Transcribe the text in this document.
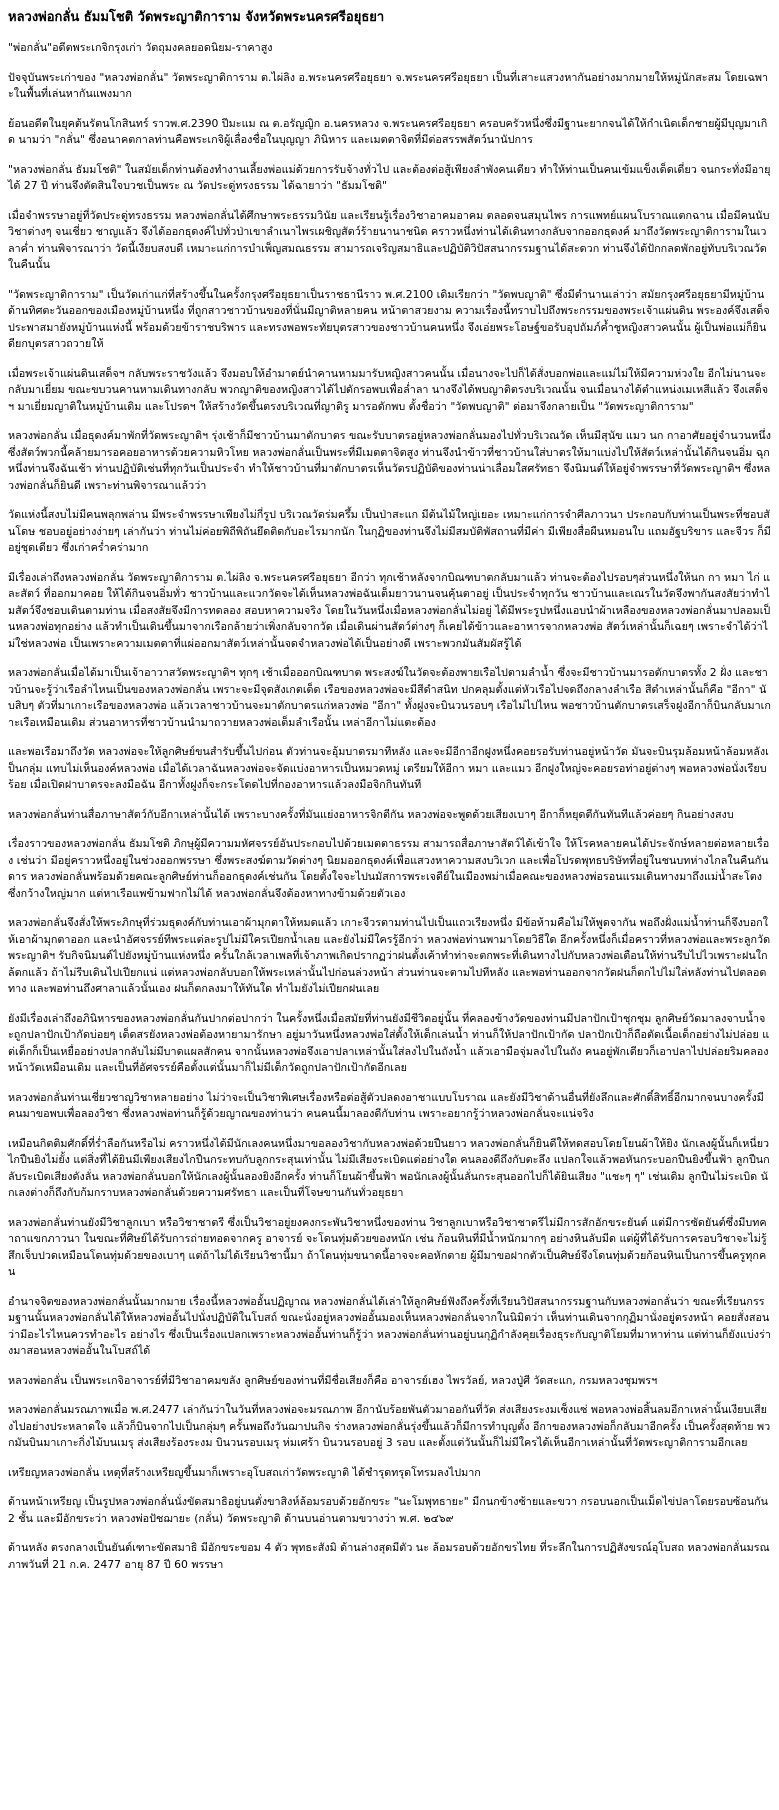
หลวงพ่อกลั่น ธัมมโชติ วัดพระญาติการาม จังหวัดพระนครศรีอยุธยา

"พ่อกลั่น"อดีตพระเกจิกรุงเก่า วัตถุมงคลยอดนิยม-ราคาสูง

ปัจจุบันพระเก่าของ "หลวงพ่อกลั่น" วัดพระญาติการาม ต.ไผ่ลิง อ.พระนครศรีอยุธยา จ.พระนครศรีอยุธยา เป็นที่เสาะแสวงหากันอย่างมากมายให้หมู่นักสะสม โดยเฉพาะในพื้นที่เล่นหากันแพงมาก

ย้อนอดีตในยุคต้นรัตนโกสินทร์ ราวพ.ศ.2390 ปีมะแม ณ ต.อรัญญิก อ.นครหลวง จ.พระนครศรีอยุธยา ครอบครัวหนึ่งซึ่งมีฐานะยากจนได้ให้กำเนิดเด็กชายผู้มีบุญมาเกิด นามว่า "กลั่น" ซึ่งอนาคตกาลท่านคือพระเกจิผู้เลื่องชื่อในบุญญา ภินิหาร และเมตตาจิตที่มีต่อสรรพสัตว์นานัปการ

"หลวงพ่อกลั่น ธัมมโชติ" ในสมัยเด็กท่านต้องทำงานเลี้ยงพ่อแม่ด้วยการรับจ้างทั่วไป และต้องต่อสู้เพียงลำพังคนเดียว ทำให้ท่านเป็นคนเข้มแข็งเด็ดเดี่ยว จนกระทั่งมีอายุได้ 27 ปี ท่านจึงตัดสินใจบวชเป็นพระ ณ วัดประดู่ทรงธรรม ได้ฉายาว่า "ธัมมโชติ"

เมื่อจำพรรษาอยู่ที่วัดประดู่ทรงธรรม หลวงพ่อกลั่นได้ศึกษาพระธรรมวินัย และเรียนรู้เรื่องวิชาอาคมอาคม ตลอดจนสมุนไพร การแพทย์แผนโบราณแตกฉาน เมื่อมีคนนับวิชาต่างๆ จนเชี่ยว ชาญแล้ว จึงได้ออกธุดงค์ไปทั่วป่าเขาลำเนาไพรเผชิญสัตว์ร้ายนานาชนิด คราวหนึ่งท่านได้เดินทางกลับจากออกธุดงค์ มาถึงวัดพระญาติการามในเวลาค่ำ ท่านพิจารณาว่า วัดนี้เงียบสงบดี เหมาะแก่การบำเพ็ญสมณธรรม สามารถเจริญสมาธิและปฏิบัติวิปัสสนากรรมฐานได้สะดวก ท่านจึงได้ปักกลดพักอยู่ทับบริเวณวัดในคืนนั้น

"วัดพระญาติการาม" เป็นวัดเก่าแก่ที่สร้างขึ้นในครั้งกรุงศรีอยุธยาเป็นราชธานีราว พ.ศ.2100 เดิมเรียกว่า "วัดพบญาติ" ซึ่งมีตำนานเล่าว่า สมัยกรุงศรีอยุธยามีหมู่บ้านด้านทิศตะวันออกของเมืองหมู่บ้านหนึ่ง ที่ถูกสาวชาวบ้านของที่นั่นมีญาติหลายคน หน้าตาสวยงาม ความเรื่องนี้ทราบไปถึงพระกรรมของพระเจ้าแผ่นดิน พระองค์จึงเสด็จประพาสมายังหมู่บ้านแห่งนี้ พร้อมด้วยข้าราชบริพาร และทรงพอพระทัยบุตรสาวของชาวบ้านคนหนึ่ง จึงเอ่ยพระโอษฐ์ขอรับอุปถัมภ์ค้ำชูหญิงสาวคนนั้น ผู้เป็นพ่อแม่ก็ยินดียกบุตรสาวถวายให้

เมื่อพระเจ้าแผ่นดินเสด็จฯ กลับพระราชวังแล้ว จึงมอบให้อำมาตย์นำคานหามมารับหญิงสาวคนนั้น เมื่อนางจะไปก็ได้สั่งบอกพ่อและแม่ไม่ให้มีความห่วงใย อีกไม่นานจะกลับมาเยี่ยม ขณะขบวนคานหามเดินทางกลับ พวกญาติของหญิงสาวได้ไปดักรอพบเพื่อล่ำลา นางจึงได้พบญาติตรงบริเวณนั้น จนเมื่อนางได้ตำแหน่งเมเหสีแล้ว จึงเสด็จฯ มาเยี่ยมญาติในหมู่บ้านเดิม และโปรดฯ ให้สร้างวัดขึ้นตรงบริเวณที่ญาติรู มารอดักพบ ตั้งชื่อว่า "วัดพบญาติ" ต่อมาจึงกลายเป็น "วัดพระญาติการาม"

หลวงพ่อกลั่น เมื่อธุดงค์มาพักที่วัดพระญาติฯ รุ่งเช้าก็มีชาวบ้านมาตักบาตร ขณะรับบาตรอยู่หลวงพ่อกลั่นมองไปทั่วบริเวณวัด เห็นมีสุนัข แมว นก กาอาศัยอยู่จำนวนหนึ่ง ซึ่งสัตว์พวกนี้คล้ายมารอคอยอาหารด้วยความหิวโหย หลวงพ่อกลั่นเป็นพระที่มีเมตตาจิตสูง ท่านจึงนำข้าวที่ชาวบ้านใส่บาตรให้มาแบ่งไปให้สัตว์เหล่านั้นได้กินจนอิ่ม ฉุกหนึ่งท่านจึงฉันเช้า ท่านปฏิบัติเช่นที่ทุกวันเป็นประจำ ทำให้ชาวบ้านที่มาตักบาตรเห็นวัตรปฏิบัติของท่านน่าเลื่อมใสศรัทธา จึงนิมนต์ให้อยู่จำพรรษาที่วัดพระญาติฯ ซึ่งหลวงพ่อกลั่นก็ยินดี เพราะท่านพิจารณาแล้วว่า

วัดแห่งนี้สงบไม่มีคนพลุกพล่าน มีพระจำพรรษาเพียงไม่กี่รูป บริเวณวัดร่มครึ้ม เป็นป่าสะแก มีต้นไม้ใหญ่เยอะ เหมาะแก่การจำศีลภาวนา ประกอบกับท่านเป็นพระที่ชอบสันโดษ ชอบอยู่อย่างง่ายๆ เล่ากันว่า ท่านไม่ค่อยพิถีพิถันยึดติดกับอะไรมากนัก ในกุฏิของท่านจึงไม่มีสมบัติพัสถานที่มีค่า มีเพียงสื่อผืนหมอนใบ แถมอัฐบริขาร และจีวร ก็มีอยู่ชุดเดียว ซึ่งเก่าคร่ำคร่ามาก

มีเรื่องเล่าถึงหลวงพ่อกลั่น วัดพระญาติการาม ต.ไผ่ลิง จ.พระนครศรีอยุธยา อีกว่า ทุกเช้าหลังจากบิณฑบาตกลับมาแล้ว ท่านจะต้องไปรอบๆส่วนหนึ่งให้นก กา หมา ไก่ และสัตว์ ที่ออกมาคอย ให้ได้กินจนอิ่มทั่ว ชาวบ้านและแวกวัดจะได้เห็นหลวงพ่อฉันเต็มยาวนานจนคุ้นตาอยู่ เป็นประจำทุกวัน ชาวบ้านและเณรในวัดจึงพากันสงสัยว่าทำไมสัตว์จึงชอบเดินตามท่าน เมื่อสงสัยจึงมีการทดลอง สอบหาความจริง โดยในวันหนึ่งเมื่อหลวงพ่อกลั่นไม่อยู่ ได้มีพระรูปหนึ่งแอบนำผ้าเหลืองของหลวงพ่อกลั่นมาปลอมเป็นหลวงพ่อทุกอย่าง แล้วทำเป็นเดินขึ้นมาจากเรือกล้ายว่าเพิ่งกลับจากวัด เมื่อเดินผ่านสัตว์ต่างๆ ก็เคยได้ข้าวและอาหารจากหลวงพ่อ สัตว์เหล่านั้นก็เฉยๆ เพราะจำได้ว่าไม่ใช่หลวงพ่อ เป็นเพราะความเมตตาที่แผ่ออกมาสัตว์เหล่านั้นจดจำหลวงพ่อได้เป็นอย่างดี เพราะพวกมันสัมผัสรู้ได้

หลวงพ่อกลั่นเมื่อได้มาเป็นเจ้าอาวาสวัดพระญาติฯ ทุกๆ เช้าเมื่อออกบิณฑบาต พระสงฆ์ในวัดจะต้องพายเรือไปตามลำน้ำ ซึ่งจะมีชาวบ้านมารอตักบาตรทั้ง 2 ฝั่ง และชาวบ้านจะรู้ว่าเรือลำไหนเป็นของหลวงพ่อกลั่น เพราะจะมีจุดสังเกตเด็ด เรือของหลวงพ่อจะมีสีดำสนิท ปกคลุมตั้งแต่หัวเรือไปจดถึงกลางลำเรือ สีดำเหล่านั้นก็คือ "อีกา" นับสิบๆ ตัวที่มาเกาะเรือของหลวงพ่อ แล้วเวลาชาวบ้านจะมาตักบาตรแก่หลวงพ่อ "อีกา" ทั้งฝูงจะบินวนรอบๆ เรือไม่ไปไหน พอชาวบ้านตักบาตรเสร็จฝูงอีกาก็บินกลับมาเกาะเรือเหมือนเดิม ส่วนอาหารที่ชาวบ้านนำมาถวายหลวงพ่อเต็มลำเรือนั้น เหล่าอีกาไม่แตะต้อง

และพอเรือมาถึงวัด หลวงพ่อจะให้ลูกศิษย์ขนสำรับขึ้นไปก่อน ตัวท่านจะอุ้มบาตรมาทีหลัง และจะมีอีกาอีกฝูงหนึ่งคอยรอรับท่านอยู่หน้าวัด มันจะบินรุมล้อมหน้าล้อมหลังเป็นกลุ่ม แทบไม่เห็นองค์หลวงพ่อ เมื่อได้เวลาฉันหลวงพ่อจะจัดแบ่งอาหารเป็นหมวดหมู่ เตรียมให้อีกา หมา และแมว อีกฝูงใหญ่จะคอยรอท่าอยู่ต่างๆ พอหลวงพ่อนั่งเรียบร้อย เมื่อเปิดฝาบาตรจะลงมือฉัน อีกาทั้งฝูงก็จะกระโดดไปที่กองอาหารแล้วลงมือจิกกินทันที

หลวงพ่อกลั่นท่านสื่อภาษาสัตว์กับอีกาเหล่านั้นได้ เพราะบางครั้งที่มันแย่งอาหารจิกตีกัน หลวงพ่อจะพูดด้วยเสียงเบาๆ อีกาก็หยุดตีกันทันทีแล้วค่อยๆ กินอย่างสงบ

เรื่องราวของหลวงพ่อกลั่น ธัมมโชติ ภิกษุผู้มีความมหัศจรรย์อันประกอบไปด้วยเมตตาธรรม สามารถสื่อภาษาสัตว์ได้เข้าใจ ให้โรคหลายคนได้ประจักษ์หลายต่อหลายเรื่อง เช่นว่า มีอยู่คราวหนึ่งอยู่ในช่วงออกพรรษา ซึ่งพระสงฆ์ตามวัดต่างๆ นิยมออกธุดงค์เพื่อแสวงหาความสงบวิเวก และเพื่อโปรดพุทธบริษัทที่อยู่ในชนบทห่างไกลในคืนกันดาร หลวงพ่อกลั่นพร้อมด้วยคณะลูกศิษย์ท่านก็ออกธุดงค์เช่นกัน โดยตั้งใจจะไปนมัสการพระเจดีย์ในเมืองพม่าเมื่อคณะของหลวงพ่อรอนแรมเดินทางมาถึงแม่น้ำสะโตง ซึ่งกว้างใหญ่มาก แต่หาเรือแพข้ามฟากไม่ได้ หลวงพ่อกลั่นจึงต้องหาทางข้ามด้วยตัวเอง

หลวงพ่อกลั่นจึงสั่งให้พระภิกษุที่ร่วมธุดงค์กับท่านเอาผ้ามุกตาให้หมดแล้ว เกาะจีวรตามท่านไปเป็นแถวเรียงหนึ่ง มีข้อห้ามคือไม่ให้พูดจากัน พอถึงฝั่งแม่น้ำท่านก็จึงบอกให้เอาผ้ามุกตาออก และนำอัศจรรย์ทีพระแต่ละรูปไม่มีใครเปียกน้ำเลย และยังไม่มีใครรู้อีกว่า หลวงพ่อท่านพามาโดยวิธีใด อีกครั้งหนึ่งก็เมื่อคราวที่หลวงพ่อและพระลูกวัดพระญาติฯ รับกิจนิมนต์ไปยังหมู่บ้านแห่งหนึ่ง ครั้นใกล้เวลาเพลที่เจ้าภาพเกิดปรากฏว่าฝนตั้งเค้าทำท่าจะตกพระที่เดินทางไปกับหลวงพ่อเตือนให้ท่านรีบไปไวเพราะฝนใกล้ตกแล้ว ถ้าไม่รีบเดินไปเปียกแน่ แต่หลวงพ่อกลับบอกให้พระเหล่านั้นไปก่อนล่วงหน้า ส่วนท่านจะตามไปทีหลัง และพอท่านออกจากวัดฝนก็ตกไปไม่ใล่หลังท่านไปตลอดทาง และพอท่านถึงศาลาแล้วนั้นเอง ฝนก็ตกลงมาให้ทันใด ทำไมยังไม่เปียกฝนเลย

ยังมีเรื่องเล่าถึงอภินิหารของหลวงพ่อกลั่นกันปากต่อปากว่า ในครั้งหนึ่งเมื่อสมัยที่ท่านยังมีชีวิตอยู่นั้น ที่คลองข้างวัดของท่านมีปลาปักเป้าชุกชุม ลูกศิษย์วัดมาลงจาบน้ำจะถูกปลาปักเป้ากัดบ่อยๆ เด็ดสรยังหลวงพ่อต้องหายามารักษา อยู่มาวันหนึ่งหลวงพ่อใส่ตั้งให้เด็กเล่นน้ำ ท่านก็ให้ปลาปักเป้ากัด ปลาปักเป้าก็ถือตัดเนื้อเด็กอย่างไม่ปล่อย แต่เด็กก็เป็นเหยื่ออย่างปลากลับไม่มีบาดแผลสักคน จากนั้นหลวงพ่อจึงเอาปลาเหล่านั้นใส่ลงไปในถังน้ำ แล้วเอามือจุ่มลงไปในถัง คนอยู่พักเดียวก็เอาปลาไปปล่อยริมคลองหน้าวัดเหมือนเดิม และเป็นที่อัศจรรย์คือตั้งแต่นั้นมาก็ไม่มีเด็กวัดถูกปลาปักเป้ากัดอีกเลย

หลวงพ่อกลั่นท่านเชี่ยวชาญวิชาหลายอย่าง ไม่ว่าจะเป็นวิชาพิเศษเรื่องหรือต่อสู้ตัวปลดงอาชาแบบโบราณ และยังมีวิชาด้านอื่นที่ยังลึกและศักดิ์สิทธิ์อีกมากจนบางครั้งมีคนมาขอพบเพื่อลองวิชา ซึ่งหลวงพ่อท่านก็รู้ด้วยญาณของท่านว่า คนคนนี้มาลองดีกับท่าน เพราะอยากรู้ว่าหลวงพ่อกลั่นจะแน่จริง

เหมือนกิตติมศักดิ์ที่ร่ำลือกันหรือไม่ คราวหนึ่งได้มีนักเลงคนหนึ่งมาขอลองวิชากับหลวงพ่อด้วยปืนยาว หลวงพ่อกลั่นก็ยินดีให้ทดสอบโดยโยนผ้าให้ยิง นักเลงผู้นั้นก็เหนี่ยวไกปืนยิงไม่ยั้ง แต่สิ่งที่ได้ยินมีเพียงเสียงไกปืนกระทบกับลูกกระสุนเท่านั้น ไม่มีเสียงระเบิดแต่อย่างใด คนลองดีถึงกับตะลึง แปลกใจแล้วพอหันกระบอกปืนยิงขึ้นฟ้า ลูกปืนกลับระเบิดเสียงดังลั่น หลวงพ่อกลั่นบอกให้นักเลงผู้นั้นลองยิงอีกครั้ง ท่านก็โยนผ้าขึ้นฟ้า พอนักเลงผู้นั้นลั่นกระสุนออกไปก็ได้ยินเสียง "แชะๆ ๆ" เช่นเดิม ลูกปืนไม่ระเบิด นักเลงต่างก็ถึงกับก้มกราบหลวงพ่อกลั่นด้วยความศรัทธา และเป็นที่โจษขานกันทั่วอยุธยา

หลวงพ่อกลั่นท่านยังมีวิชาลูกเบา หรือวิชาชาตรี ซึ่งเป็นวิชาอยู่ยงคงกระพันวิชาหนึ่งของท่าน วิชาลูกเบาหรือวิชาชาตรีไม่มีการสักอักขระยันต์ แต่มีการซัดยันต์ซึ่งมีบทคาถาแขกภาวนา ในขณะที่ศิษย์ได้รับการถ่ายทอดจากครู อาจารย์ จะโดนทุ่มด้วยของหนัก เช่น ก้อนหินที่มีน้ำหนักมากๆ อย่างหินลับมีด แต่ผู้ที่ได้รับการครอบวิชาจะไม่รู้สึกเจ็บปวดเหมือนโดนทุ่มด้วยของเบาๆ แต่ถ้าไม่ได้เรียนวิชานี้มา ถ้าโดนทุ่มขนาดนี้อาจจะคอหักตาย ผู้มีมาขอฝากตัวเป็นศิษย์จึงโดนทุ่มด้วยก้อนหินเป็นการขึ้นครูทุกคน

อำนาจจิตของหลวงพ่อกลั่นนั้นมากมาย เรื่องนี้หลวงพ่ออั้นปฏิญาณ หลวงพ่อกลั่นได้เล่าให้ลูกศิษย์ฟังถึงครั้งที่เรียนวิปัสสนากรรมฐานกับหลวงพ่อกลั่นว่า ขณะที่เรียนกรรมฐานนั้นหลวงพ่อกลั่นได้ให้หลวงพ่ออั้นไปนั่งปฏิบัติในโบสถ์ ขณะนั่งอยู่หลวงพ่ออั้นมองเห็นหลวงพ่อกลั่นจากในนิมิตว่า เห็นท่านเดินจากกุฏิมานั่งอยู่ตรงหน้า คอยสั่งสอนว่ามีอะไรไหนควรทำอะไร อย่างไร ซึ่งเป็นเรื่องแปลกเพราะหลวงพ่ออั้นท่านก็รู้ว่า หลวงพ่อกลั่นท่านอยู่บนกุฏิกำลังคุยเรื่องธุระกับญาติโยมที่มาหาท่าน แต่ท่านก็ยังแบ่งร่างมาสอนหลวงพ่ออั้นในโบสถ์ได้

หลวงพ่อกลั่น เป็นพระเกจิอาจารย์ที่มีวิชาอาคมขลัง ลูกศิษย์ของท่านที่มีชื่อเสียงก็คือ อาจารย์เฮง ไพรวัลย์, หลวงปู่ศี วัดสะแก, กรมหลวงชุมพรฯ

หลวงพ่อกลั่นมรณภาพเมื่อ พ.ศ.2477 เล่ากันว่าในวันที่หลวงพ่อจะมรณภาพ อีกานับร้อยพันตัวมาออกันที่วัด ส่งเสียงระงมเซ็งแซ่ พอหลวงพ่อสิ้นลมอีกาเหล่านั้นเงียบเสียงไปอย่างประหลาดใจ แล้วก็บินจากไปเป็นกลุ่มๆ ครั้นพอถึงวันฌาปนกิจ ร่างหลวงพ่อกลั่นรุ่งขึ้นแล้วก็มีการทำบุญตั้ง อีกาของหลวงพ่อก็กลับมาอีกครั้ง เป็นครั้งสุดท้าย พวกมันบินมาเกาะกิ่งไม้บนเมรุ ส่งเสียงร้องระงม บินวนรอบเมรุ ห่มเศร้า บินวนรอบอยู่ 3 รอบ และตั้งแต่วันนั้นก็ไม่มีใครได้เห็นอีกาเหล่านั้นที่วัดพระญาติการามอีกเลย

เหรียญหลวงพ่อกลั่น เหตุที่สร้างเหรียญขึ้นมาก็เพราะอุโบสถเก่าวัดพระญาติ ได้ชำรุดทรุดโทรมลงไปมาก

ด้านหน้าเหรียญ เป็นรูปหลวงพ่อกลั่นนั่งขัดสมาธิอยู่บนตั่งขาสิงห์ล้อมรอบด้วยอักขระ "นะโมพุทธายะ" มีกนกข้างซ้ายและขวา กรอบนอกเป็นเม็ดไข่ปลาโดยรอบซ้อนกัน 2 ชั้น และมีอักขระว่า หลวงพ่อปัชฌายะ (กลั่น) วัดพระญาติ ด้านบนอ่านตามขวางว่า พ.ศ. ๒๔๖๙

ด้านหลัง ตรงกลางเป็นยันต์เฑาะขัดสมาธิ มีอักขระขอม 4 ตัว พุทธะสังมิ ด้านล่างสุดมีตัว นะ ล้อมรอบด้วยอักขรไทย ที่ระลึกในการปฏิสังขรณ์อุโบสถ หลวงพ่อกลั่นมรณภาพวันที่ 21 ก.ค. 2477 อายุ 87 ปี 60 พรรษา
